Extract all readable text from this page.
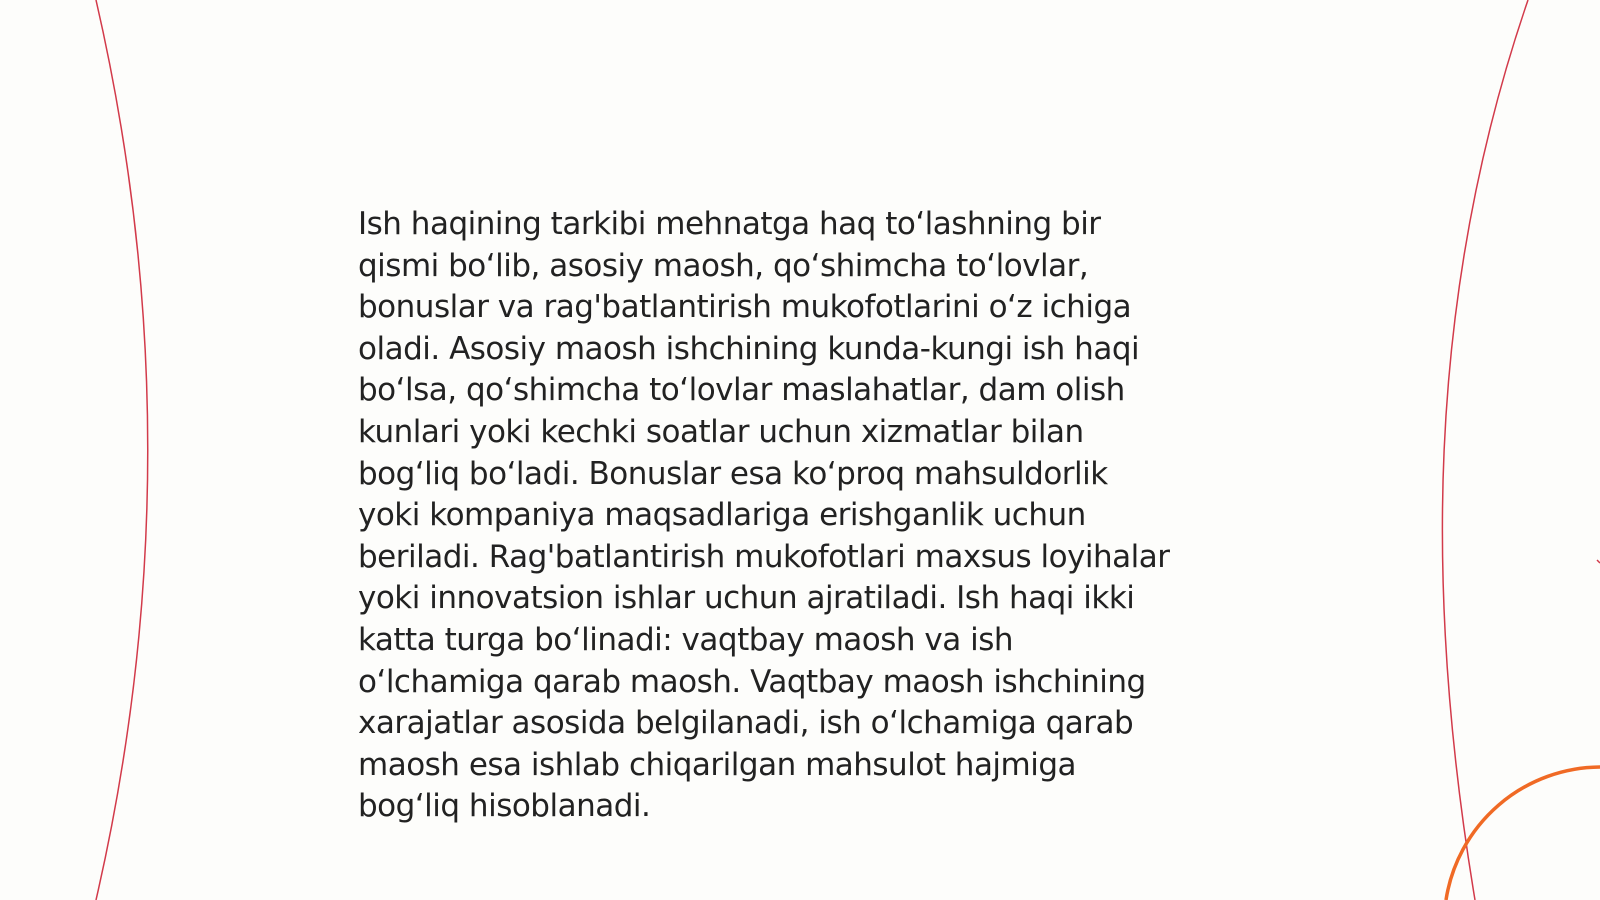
Ish haqining tarkibi mehnatga haq to‘lashning bir
qismi bo‘lib, asosiy maosh, qo‘shimcha to‘lovlar,
bonuslar va rag'batlantirish mukofotlarini o‘z ichiga
oladi. Asosiy maosh ishchining kunda-kungi ish haqi
bo‘lsa, qo‘shimcha to‘lovlar maslahatlar, dam olish
kunlari yoki kechki soatlar uchun xizmatlar bilan
bog‘liq bo‘ladi. Bonuslar esa ko‘proq mahsuldorlik
yoki kompaniya maqsadlariga erishganlik uchun
beriladi. Rag'batlantirish mukofotlari maxsus loyihalar
yoki innovatsion ishlar uchun ajratiladi. Ish haqi ikki
katta turga bo‘linadi: vaqtbay maosh va ish
o‘lchamiga qarab maosh. Vaqtbay maosh ishchining
xarajatlar asosida belgilanadi, ish o‘lchamiga qarab
maosh esa ishlab chiqarilgan mahsulot hajmiga
bog‘liq hisoblanadi.
